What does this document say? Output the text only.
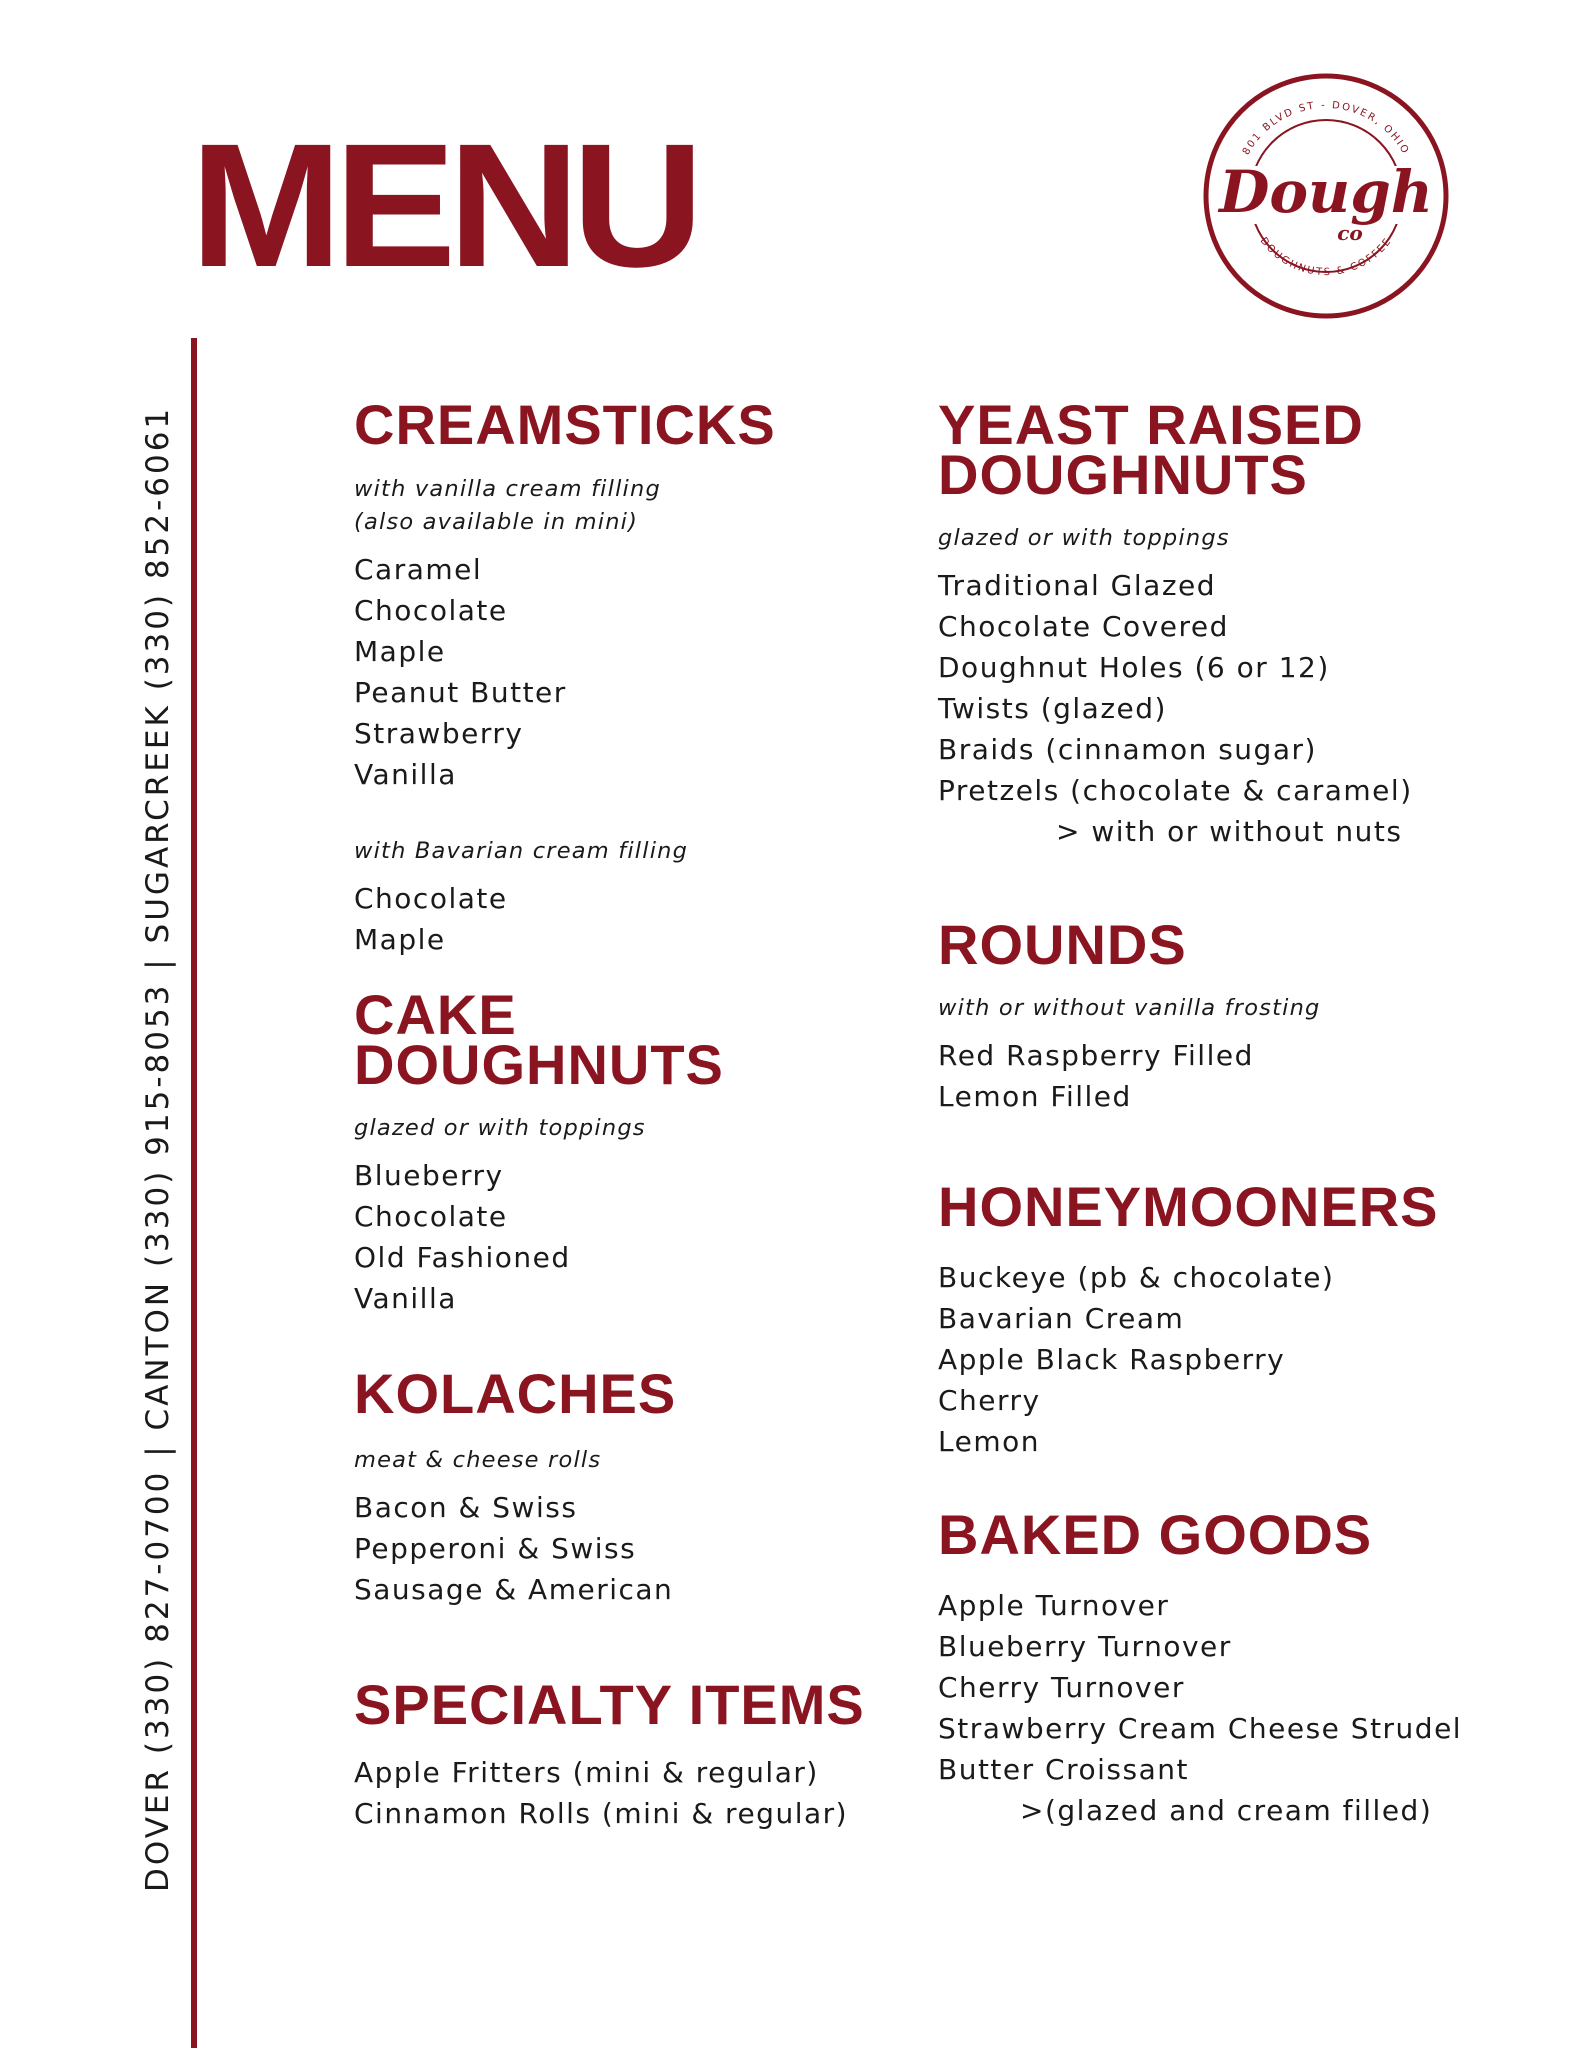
MENU
DOVER (330) 827-0700 | CANTON (330) 915-8053 | SUGARCREEK (330) 852-6061
801 BLVD ST - DOVER, OHIO
DOUGHNUTS & COFFEE
Dough
co
CREAMSTICKS
with vanilla cream filling
(also available in mini)
Caramel
Chocolate
Maple
Peanut Butter
Strawberry
Vanilla
with Bavarian cream filling
Chocolate
Maple
CAKE
DOUGHNUTS
glazed or with toppings
Blueberry
Chocolate
Old Fashioned
Vanilla
KOLACHES
meat & cheese rolls
Bacon & Swiss
Pepperoni & Swiss
Sausage & American
SPECIALTY ITEMS
Apple Fritters (mini & regular)
Cinnamon Rolls (mini & regular)
YEAST RAISED
DOUGHNUTS
glazed or with toppings
Traditional Glazed
Chocolate Covered
Doughnut Holes (6 or 12)
Twists (glazed)
Braids (cinnamon sugar)
Pretzels (chocolate & caramel)
> with or without nuts
ROUNDS
with or without vanilla frosting
Red Raspberry Filled
Lemon Filled
HONEYMOONERS
Buckeye (pb & chocolate)
Bavarian Cream
Apple Black Raspberry
Cherry
Lemon
BAKED GOODS
Apple Turnover
Blueberry Turnover
Cherry Turnover
Strawberry Cream Cheese Strudel
Butter Croissant
>(glazed and cream filled)
